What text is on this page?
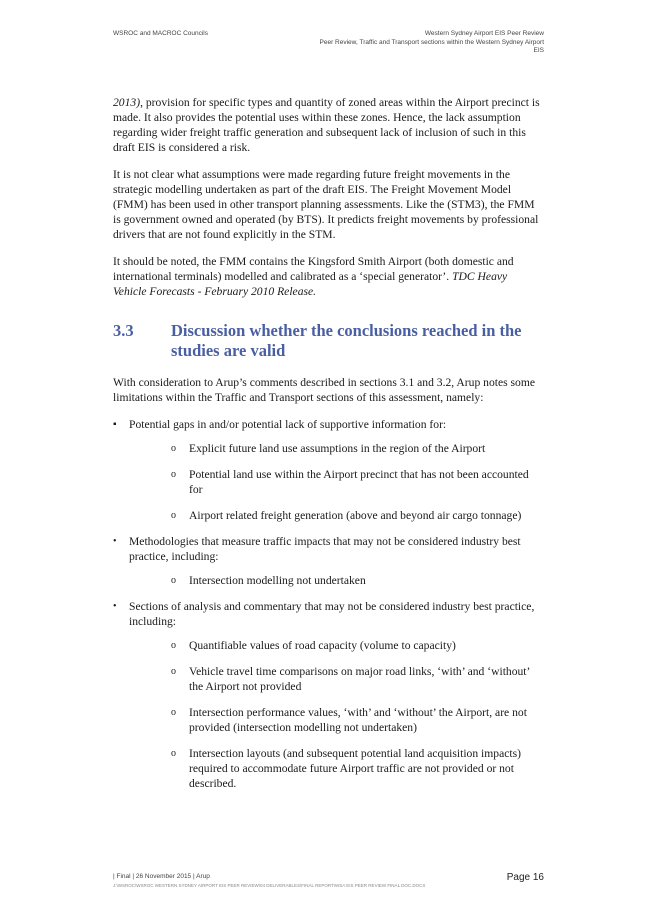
WSROC and MACROC Councils	Western Sydney Airport EIS Peer Review
Peer Review, Traffic and Transport sections within the Western Sydney Airport
EIS

2013), provision for specific types and quantity of zoned areas within the Airport precinct is made. It also provides the potential uses within these zones. Hence, the lack assumption regarding wider freight traffic generation and subsequent lack of inclusion of such in this draft EIS is considered a risk.

It is not clear what assumptions were made regarding future freight movements in the strategic modelling undertaken as part of the draft EIS. The Freight Movement Model (FMM) has been used in other transport planning assessments. Like the (STM3), the FMM is government owned and operated (by BTS). It predicts freight movements by professional drivers that are not found explicitly in the STM.

It should be noted, the FMM contains the Kingsford Smith Airport (both domestic and international terminals) modelled and calibrated as a ‘special generator’. TDC Heavy Vehicle Forecasts - February 2010 Release.

3.3	Discussion whether the conclusions reached in the studies are valid

With consideration to Arup’s comments described in sections 3.1 and 3.2, Arup notes some limitations within the Traffic and Transport sections of this assessment, namely:

▪ Potential gaps in and/or potential lack of supportive information for:
o Explicit future land use assumptions in the region of the Airport
o Potential land use within the Airport precinct that has not been accounted for
o Airport related freight generation (above and beyond air cargo tonnage)
• Methodologies that measure traffic impacts that may not be considered industry best practice, including:
o Intersection modelling not undertaken
• Sections of analysis and commentary that may not be considered industry best practice, including:
o Quantifiable values of road capacity (volume to capacity)
o Vehicle travel time comparisons on major road links, ‘with’ and ‘without’ the Airport not provided
o Intersection performance values, ‘with’ and ‘without’ the Airport, are not provided (intersection modelling not undertaken)
o Intersection layouts (and subsequent potential land acquisition impacts) required to accommodate future Airport traffic are not provided or not described.
| Final | 26 November 2015 | Arup
J:\WSROC\WSROC WESTERN SYDNEY AIRPORT EIS PEER REVIEW\04 DELIVERABLES\FINAL REPORT\WSA EIS PEER REVIEW FINAL DOC.DOCX
Page 16
